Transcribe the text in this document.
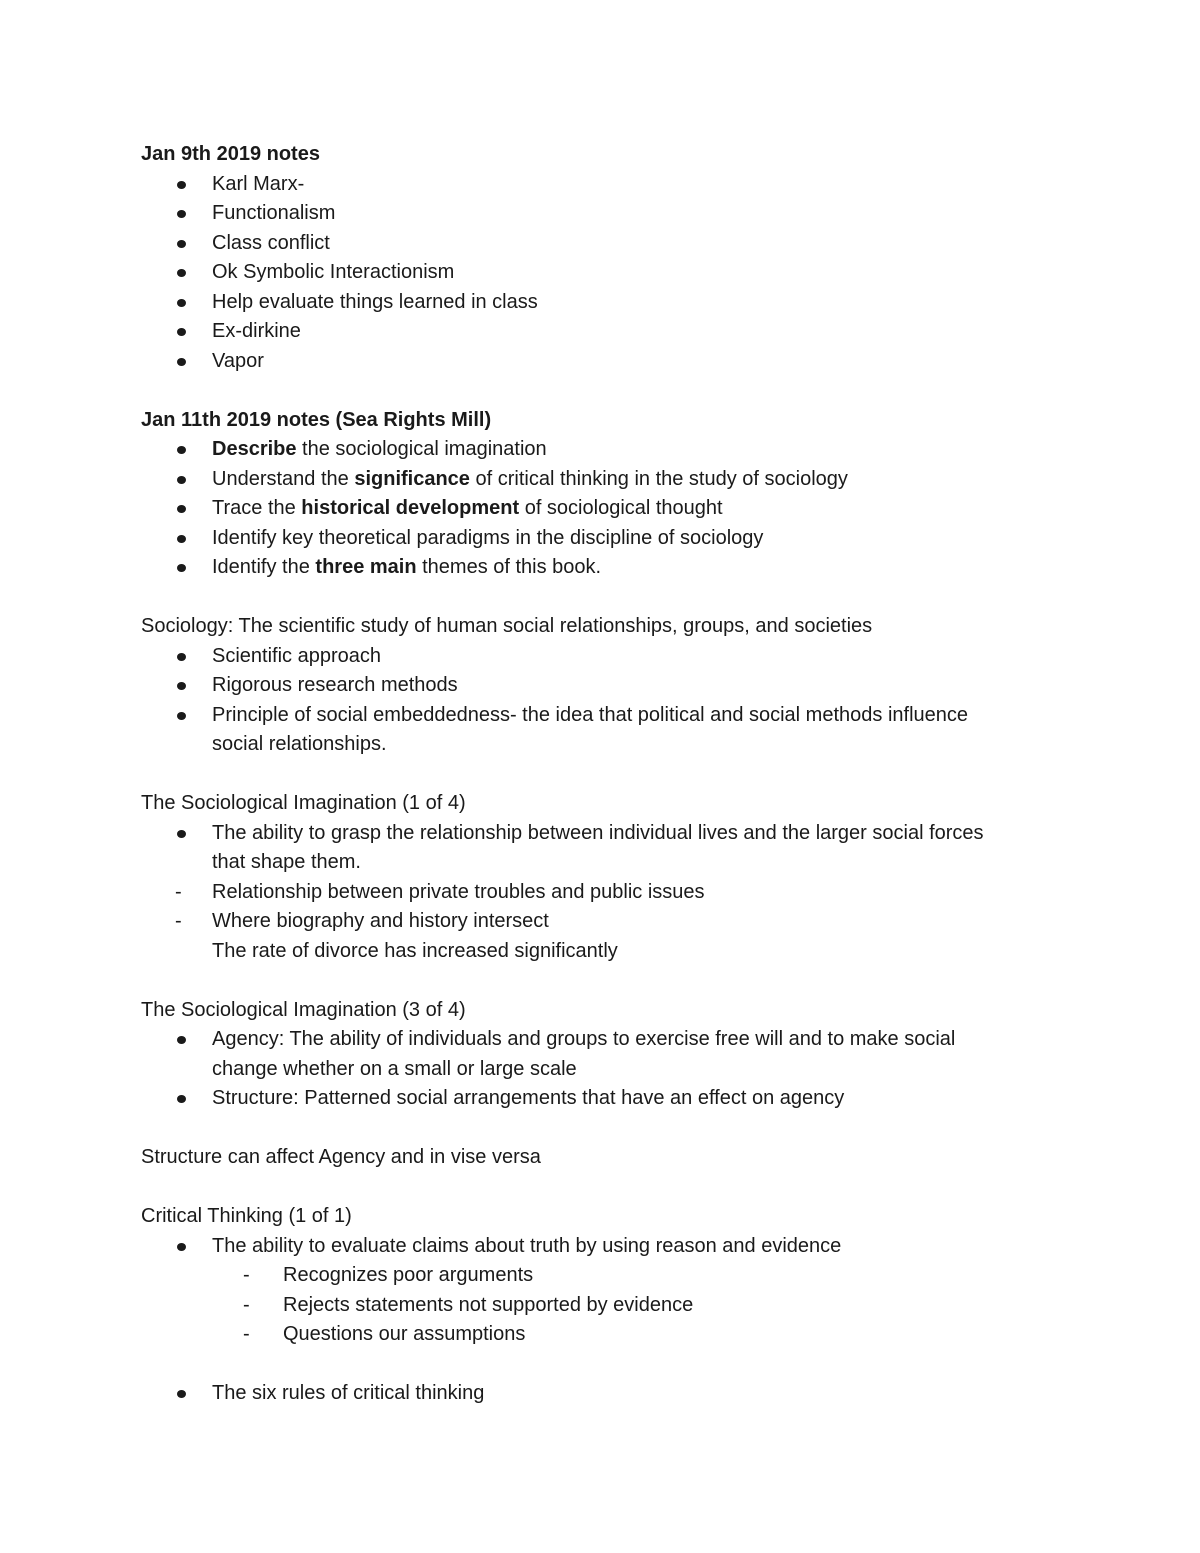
Jan 9th 2019 notes

Karl Marx-

Functionalism

Class conflict

Ok Symbolic Interactionism

Help evaluate things learned in class

Ex-dirkine

Vapor

Jan 11th 2019 notes (Sea Rights Mill)

Describe the sociological imagination

Understand the significance of critical thinking in the study of sociology

Trace the historical development of sociological thought

Identify key theoretical paradigms in the discipline of sociology

Identify the three main themes of this book.

Sociology: The scientific study of human social relationships, groups, and societies

Scientific approach

Rigorous research methods

Principle of social embeddedness- the idea that political and social methods influence

social relationships.

The Sociological Imagination (1 of 4)

The ability to grasp the relationship between individual lives and the larger social forces

that shape them.

-	Relationship between private troubles and public issues

-	Where biography and history intersect

The rate of divorce has increased significantly

The Sociological Imagination (3 of 4)

Agency: The ability of individuals and groups to exercise free will and to make social

change whether on a small or large scale

Structure: Patterned social arrangements that have an effect on agency

Structure can affect Agency and in vise versa

Critical Thinking (1 of 1)

The ability to evaluate claims about truth by using reason and evidence

-	Recognizes poor arguments

-	Rejects statements not supported by evidence

-	Questions our assumptions

The six rules of critical thinking
